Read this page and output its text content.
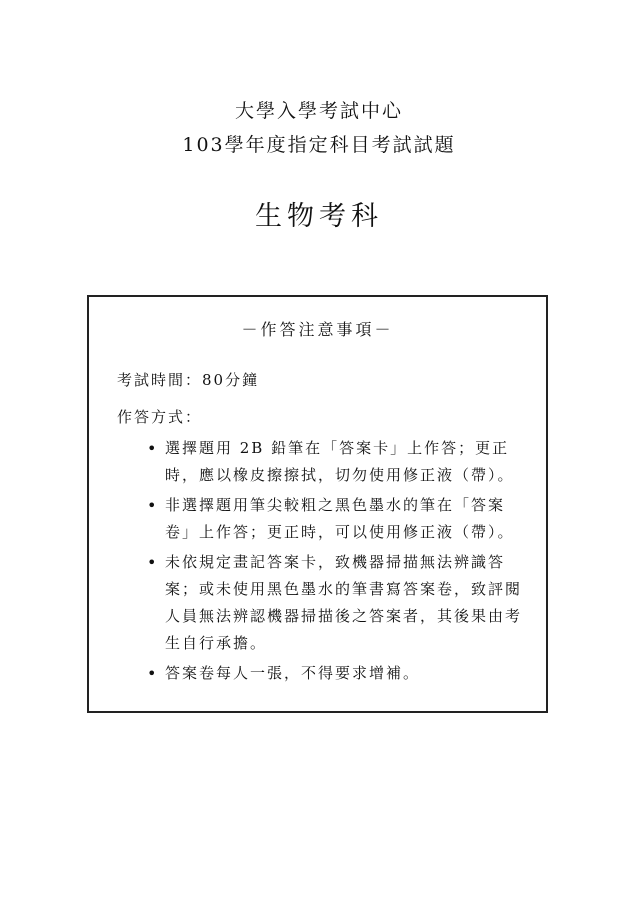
大學入學考試中心
103學年度指定科目考試試題
生物考科
－作答注意事項－
考試時間：80分鐘
作答方式：
• 選擇題用 2B 鉛筆在「答案卡」上作答；更正時，應以橡皮擦擦拭，切勿使用修正液（帶）。
• 非選擇題用筆尖較粗之黑色墨水的筆在「答案卷」上作答；更正時，可以使用修正液（帶）。
• 未依規定畫記答案卡，致機器掃描無法辨識答案；或未使用黑色墨水的筆書寫答案卷，致評閱人員無法辨認機器掃描後之答案者，其後果由考生自行承擔。
• 答案卷每人一張，不得要求增補。
